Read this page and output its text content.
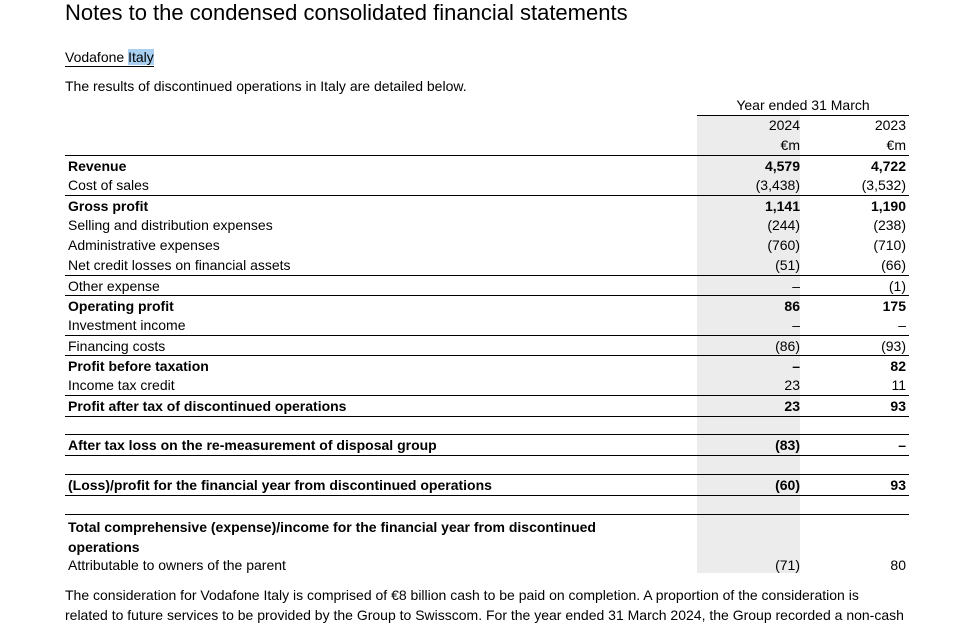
Notes to the condensed consolidated financial statements
Vodafone Italy
The results of discontinued operations in Italy are detailed below.
Year ended 31 March
2024	2023
€m	€m
Revenue	4,579	4,722
Cost of sales	(3,438)	(3,532)
Gross profit	1,141	1,190
Selling and distribution expenses	(244)	(238)
Administrative expenses	(760)	(710)
Net credit losses on financial assets	(51)	(66)
Other expense	–	(1)
Operating profit	86	175
Investment income	–	–
Financing costs	(86)	(93)
Profit before taxation	–	82
Income tax credit	23	11
Profit after tax of discontinued operations	23	93
After tax loss on the re-measurement of disposal group	(83)	–
(Loss)/profit for the financial year from discontinued operations	(60)	93
Total comprehensive (expense)/income for the financial year from discontinued operations
Attributable to owners of the parent	(71)	80

The consideration for Vodafone Italy is comprised of €8 billion cash to be paid on completion. A proportion of the consideration is

related to future services to be provided by the Group to Swisscom. For the year ended 31 March 2024, the Group recorded a non-cash
